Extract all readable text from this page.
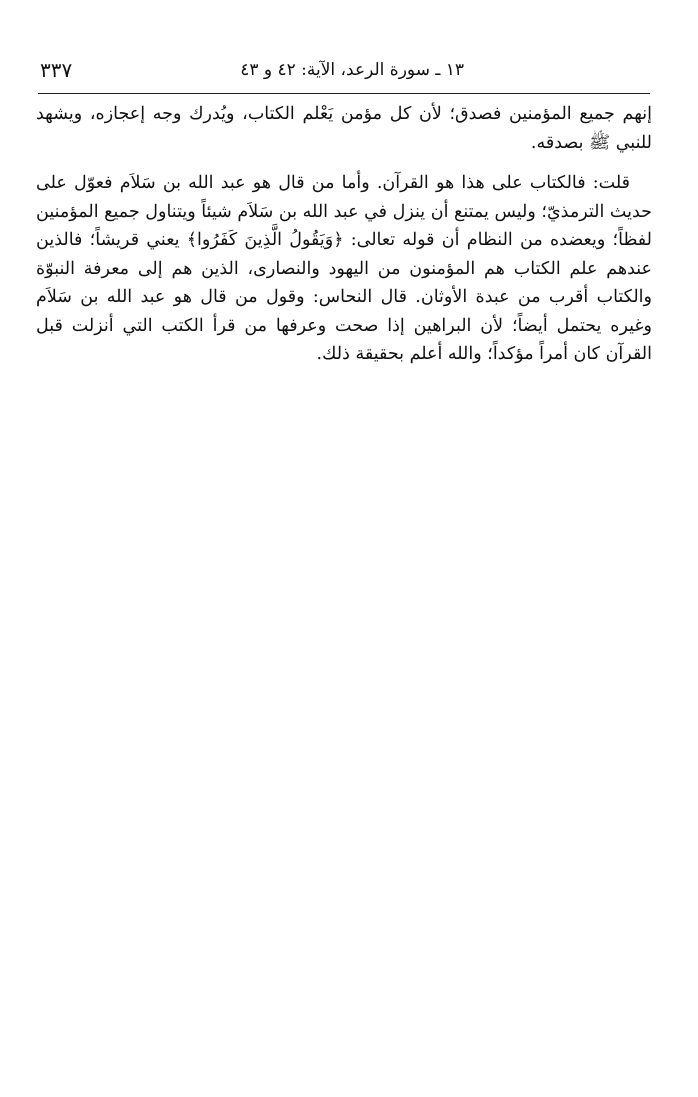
١٣ ـ سورة الرعد، الآية: ٤٢ و ٤٣
٣٣٧

إنهم جميع المؤمنين فصدق؛ لأن كل مؤمن يَعْلم الكتاب، ويُدرك وجه إعجازه، ويشهد للنبي ﷺ بصدقه.

قلت: فالكتاب على هذا هو القرآن. وأما من قال هو عبد الله بن سَلاَم فعوّل على حديث الترمذيّ؛ وليس يمتنع أن ينزل في عبد الله بن سَلاَم شيئاً ويتناول جميع المؤمنين لفظاً؛ ويعضده من النظام أن قوله تعالى: ﴿وَيَقُولُ الَّذِينَ كَفَرُوا﴾ يعني قريشاً؛ فالذين عندهم علم الكتاب هم المؤمنون من اليهود والنصارى، الذين هم إلى معرفة النبوّة والكتاب أقرب من عبدة الأوثان. قال النحاس: وقول من قال هو عبد الله بن سَلاَم وغيره يحتمل أيضاً؛ لأن البراهين إذا صحت وعرفها من قرأ الكتب التي أنزلت قبل القرآن كان أمراً مؤكداً؛ والله أعلم بحقيقة ذلك.
